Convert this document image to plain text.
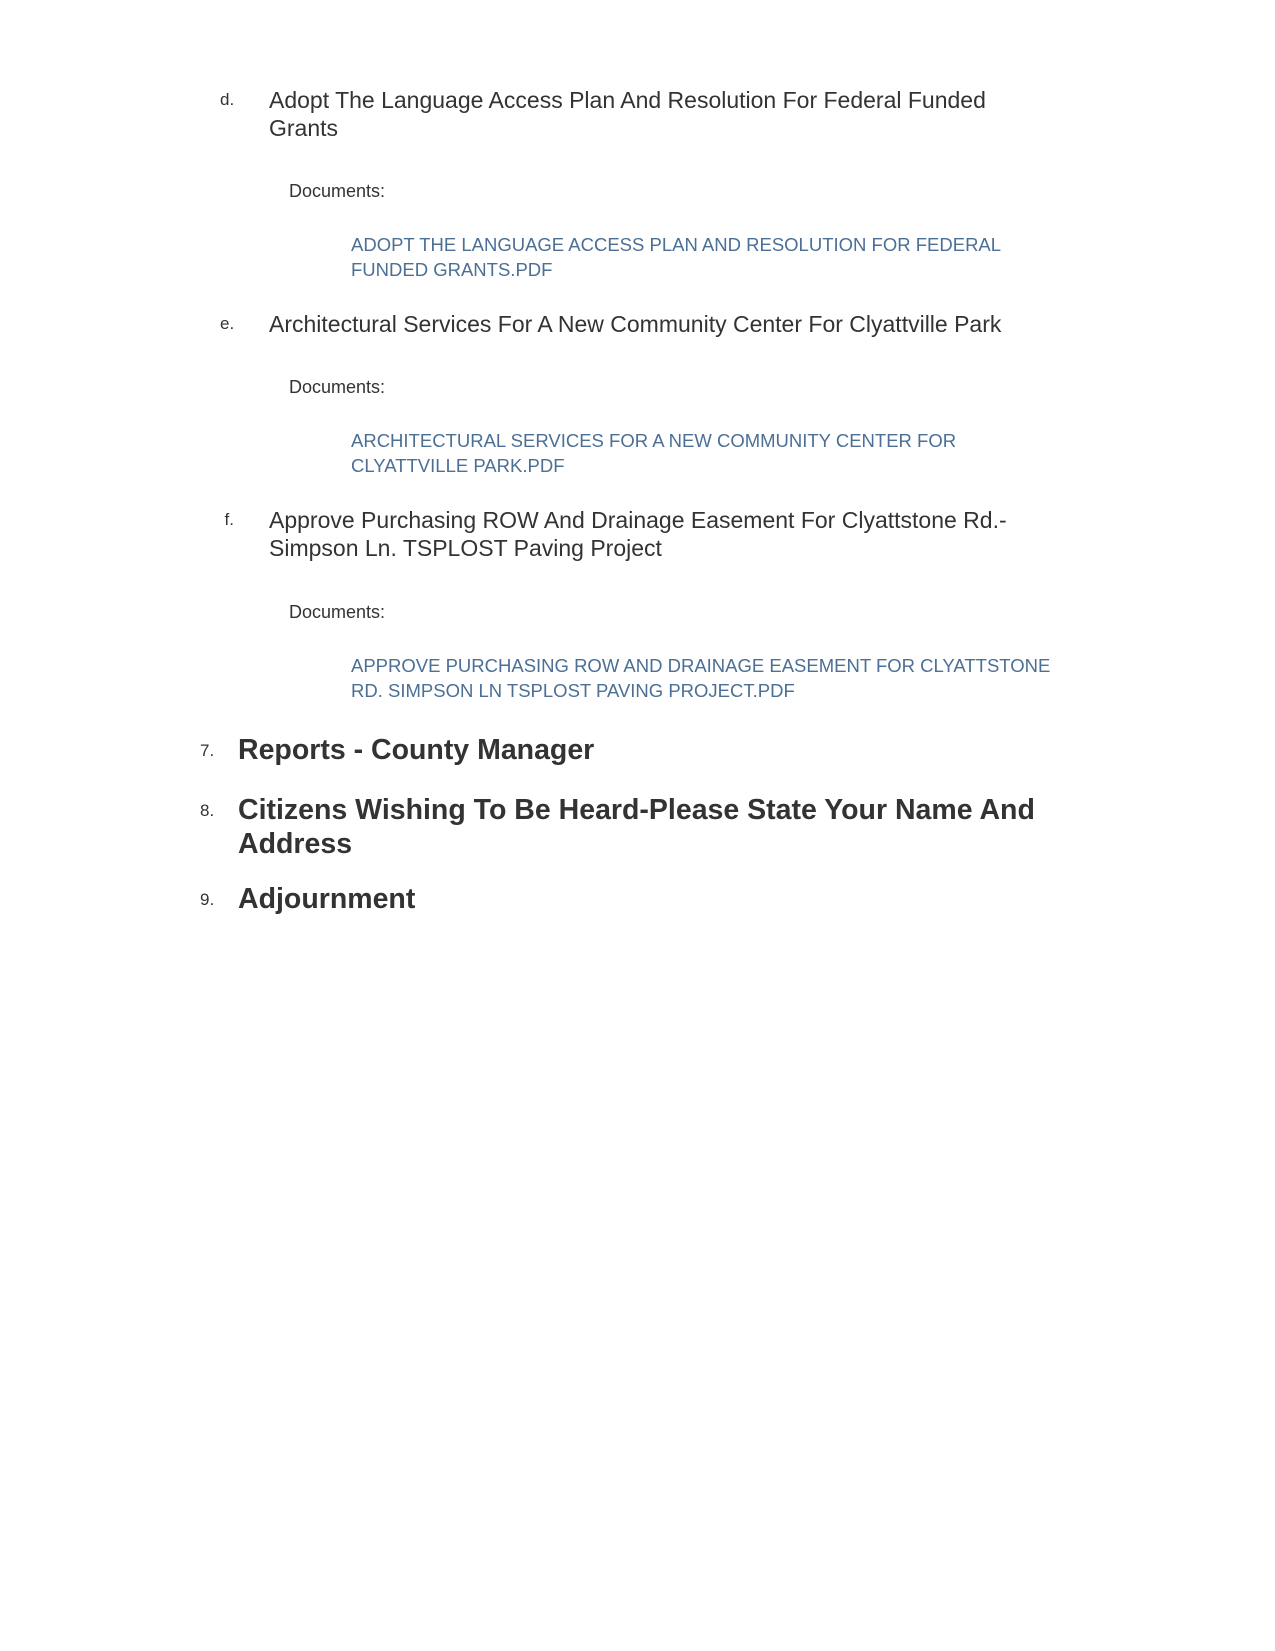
d.	Adopt The Language Access Plan And Resolution For Federal Funded Grants
Documents:
ADOPT THE LANGUAGE ACCESS PLAN AND RESOLUTION FOR FEDERAL FUNDED GRANTS.PDF
e.	Architectural Services For A New Community Center For Clyattville Park
Documents:
ARCHITECTURAL SERVICES FOR A NEW COMMUNITY CENTER FOR CLYATTVILLE PARK.PDF
f.	Approve Purchasing ROW And Drainage Easement For Clyattstone Rd.-Simpson Ln. TSPLOST Paving Project
Documents:
APPROVE PURCHASING ROW AND DRAINAGE EASEMENT FOR CLYATTSTONE RD. SIMPSON LN TSPLOST PAVING PROJECT.PDF
7. Reports - County Manager
8. Citizens Wishing To Be Heard-Please State Your Name And Address
9. Adjournment
